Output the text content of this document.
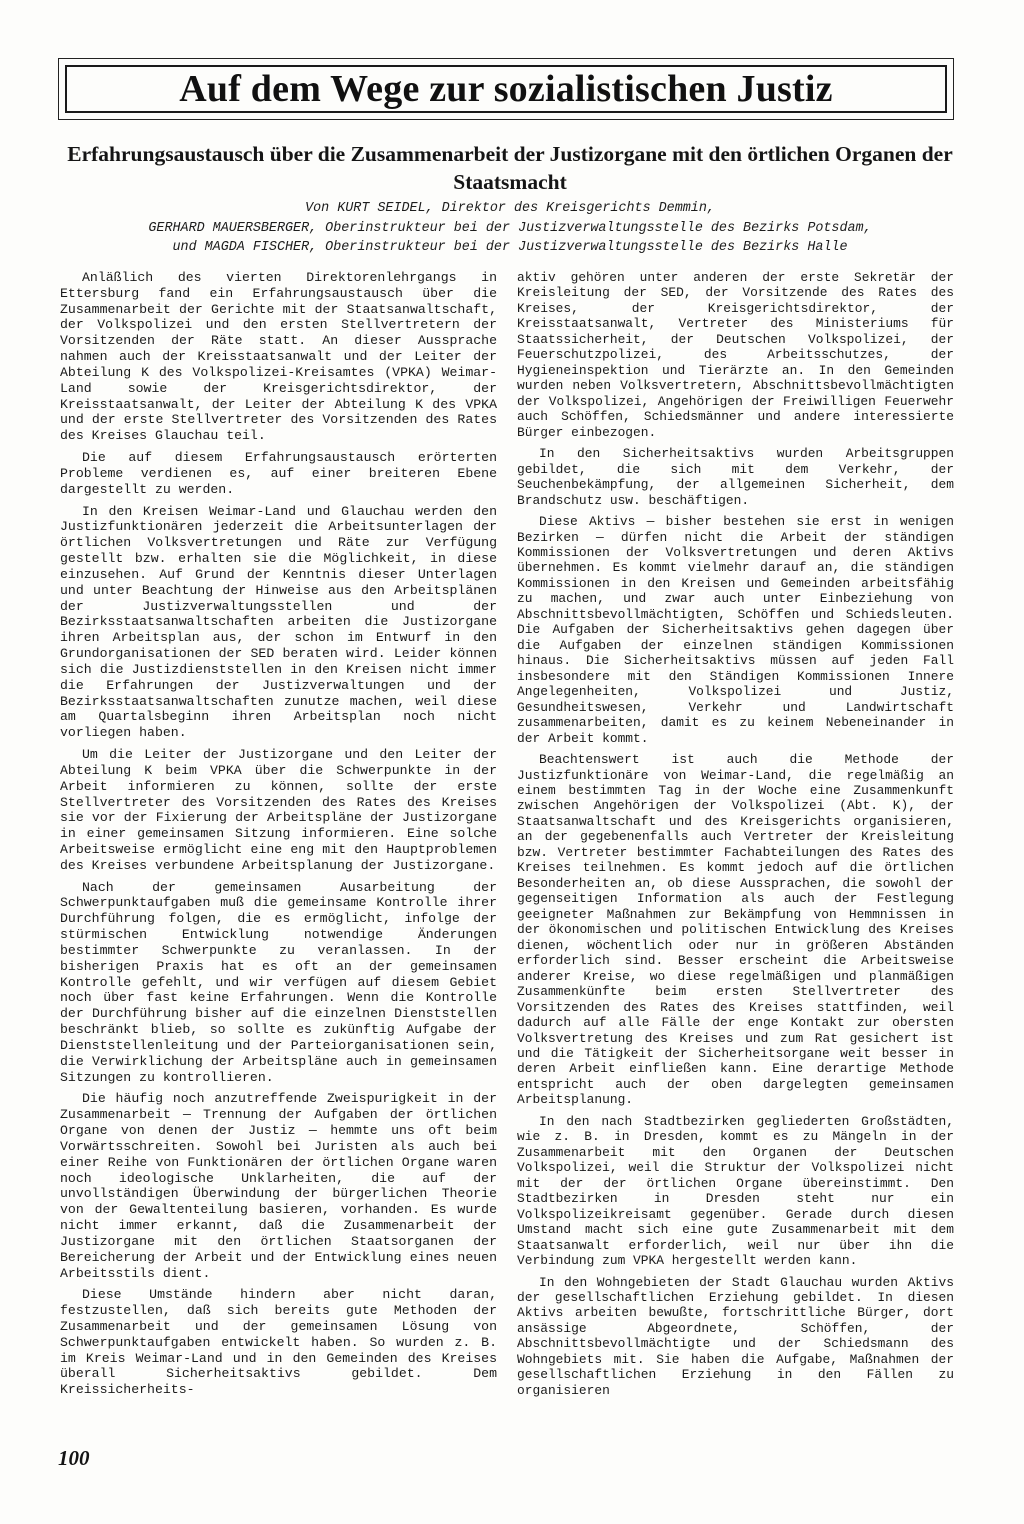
Auf dem Wege zur sozialistischen Justiz
Erfahrungsaustausch über die Zusammenarbeit der Justizorgane mit den örtlichen Organen der Staatsmacht
Von KURT SEIDEL, Direktor des Kreisgerichts Demmin,
GERHARD MAUERSBERGER, Oberinstrukteur bei der Justizverwaltungsstelle des Bezirks Potsdam,
und MAGDA FISCHER, Oberinstrukteur bei der Justizverwaltungsstelle des Bezirks Halle

Anläßlich des vierten Direktorenlehrgangs in Ettersburg fand ein Erfahrungsaustausch über die Zusammenarbeit der Gerichte mit der Staatsanwaltschaft, der Volkspolizei und den ersten Stellvertretern der Vorsitzenden der Räte statt. An dieser Aussprache nahmen auch der Kreisstaatsanwalt und der Leiter der Abteilung K des Volkspolizei-Kreisamtes (VPKA) Weimar-Land sowie der Kreisgerichtsdirektor, der Kreisstaatsanwalt, der Leiter der Abteilung K des VPKA und der erste Stellvertreter des Vorsitzenden des Rates des Kreises Glauchau teil.

Die auf diesem Erfahrungsaustausch erörterten Probleme verdienen es, auf einer breiteren Ebene dargestellt zu werden.

In den Kreisen Weimar-Land und Glauchau werden den Justizfunktionären jederzeit die Arbeitsunterlagen der örtlichen Volksvertretungen und Räte zur Verfügung gestellt bzw. erhalten sie die Möglichkeit, in diese einzusehen. Auf Grund der Kenntnis dieser Unterlagen und unter Beachtung der Hinweise aus den Arbeitsplänen der Justizverwaltungsstellen und der Bezirksstaatsanwaltschaften arbeiten die Justizorgane ihren Arbeitsplan aus, der schon im Entwurf in den Grundorganisationen der SED beraten wird. Leider können sich die Justizdienststellen in den Kreisen nicht immer die Erfahrungen der Justizverwaltungen und der Bezirksstaatsanwaltschaften zunutze machen, weil diese am Quartalsbeginn ihren Arbeitsplan noch nicht vorliegen haben.

Um die Leiter der Justizorgane und den Leiter der Abteilung K beim VPKA über die Schwerpunkte in der Arbeit informieren zu können, sollte der erste Stellvertreter des Vorsitzenden des Rates des Kreises sie vor der Fixierung der Arbeitspläne der Justizorgane in einer gemeinsamen Sitzung informieren. Eine solche Arbeitsweise ermöglicht eine eng mit den Hauptproblemen des Kreises verbundene Arbeitsplanung der Justizorgane.

Nach der gemeinsamen Ausarbeitung der Schwerpunktaufgaben muß die gemeinsame Kontrolle ihrer Durchführung folgen, die es ermöglicht, infolge der stürmischen Entwicklung notwendige Änderungen bestimmter Schwerpunkte zu veranlassen. In der bisherigen Praxis hat es oft an der gemeinsamen Kontrolle gefehlt, und wir verfügen auf diesem Gebiet noch über fast keine Erfahrungen. Wenn die Kontrolle der Durchführung bisher auf die einzelnen Dienststellen beschränkt blieb, so sollte es zukünftig Aufgabe der Dienststellenleitung und der Parteiorganisationen sein, die Verwirklichung der Arbeitspläne auch in gemeinsamen Sitzungen zu kontrollieren.

Die häufig noch anzutreffende Zweispurigkeit in der Zusammenarbeit — Trennung der Aufgaben der örtlichen Organe von denen der Justiz — hemmte uns oft beim Vorwärtsschreiten. Sowohl bei Juristen als auch bei einer Reihe von Funktionären der örtlichen Organe waren noch ideologische Unklarheiten, die auf der unvollständigen Überwindung der bürgerlichen Theorie von der Gewaltenteilung basieren, vorhanden. Es wurde nicht immer erkannt, daß die Zusammenarbeit der Justizorgane mit den örtlichen Staatsorganen der Bereicherung der Arbeit und der Entwicklung eines neuen Arbeitsstils dient.

Diese Umstände hindern aber nicht daran, festzustellen, daß sich bereits gute Methoden der Zusammenarbeit und der gemeinsamen Lösung von Schwerpunktaufgaben entwickelt haben. So wurden z. B. im Kreis Weimar-Land und in den Gemeinden des Kreises überall Sicherheitsaktivs gebildet. Dem Kreissicherheits-

aktiv gehören unter anderen der erste Sekretär der Kreisleitung der SED, der Vorsitzende des Rates des Kreises, der Kreisgerichtsdirektor, der Kreisstaatsanwalt, Vertreter des Ministeriums für Staatssicherheit, der Deutschen Volkspolizei, der Feuerschutzpolizei, des Arbeitsschutzes, der Hygieneinspektion und Tierärzte an. In den Gemeinden wurden neben Volksvertretern, Abschnittsbevollmächtigten der Volkspolizei, Angehörigen der Freiwilligen Feuerwehr auch Schöffen, Schiedsmänner und andere interessierte Bürger einbezogen.

In den Sicherheitsaktivs wurden Arbeitsgruppen gebildet, die sich mit dem Verkehr, der Seuchenbekämpfung, der allgemeinen Sicherheit, dem Brandschutz usw. beschäftigen.

Diese Aktivs — bisher bestehen sie erst in wenigen Bezirken — dürfen nicht die Arbeit der ständigen Kommissionen der Volksvertretungen und deren Aktivs übernehmen. Es kommt vielmehr darauf an, die ständigen Kommissionen in den Kreisen und Gemeinden arbeitsfähig zu machen, und zwar auch unter Einbeziehung von Abschnittsbevollmächtigten, Schöffen und Schiedsleuten. Die Aufgaben der Sicherheitsaktivs gehen dagegen über die Aufgaben der einzelnen ständigen Kommissionen hinaus. Die Sicherheitsaktivs müssen auf jeden Fall insbesondere mit den Ständigen Kommissionen Innere Angelegenheiten, Volkspolizei und Justiz, Gesundheitswesen, Verkehr und Landwirtschaft zusammenarbeiten, damit es zu keinem Nebeneinander in der Arbeit kommt.

Beachtenswert ist auch die Methode der Justizfunktionäre von Weimar-Land, die regelmäßig an einem bestimmten Tag in der Woche eine Zusammenkunft zwischen Angehörigen der Volkspolizei (Abt. K), der Staatsanwaltschaft und des Kreisgerichts organisieren, an der gegebenenfalls auch Vertreter der Kreisleitung bzw. Vertreter bestimmter Fachabteilungen des Rates des Kreises teilnehmen. Es kommt jedoch auf die örtlichen Besonderheiten an, ob diese Aussprachen, die sowohl der gegenseitigen Information als auch der Festlegung geeigneter Maßnahmen zur Bekämpfung von Hemmnissen in der ökonomischen und politischen Entwicklung des Kreises dienen, wöchentlich oder nur in größeren Abständen erforderlich sind. Besser erscheint die Arbeitsweise anderer Kreise, wo diese regelmäßigen und planmäßigen Zusammenkünfte beim ersten Stellvertreter des Vorsitzenden des Rates des Kreises stattfinden, weil dadurch auf alle Fälle der enge Kontakt zur obersten Volksvertretung des Kreises und zum Rat gesichert ist und die Tätigkeit der Sicherheitsorgane weit besser in deren Arbeit einfließen kann. Eine derartige Methode entspricht auch der oben dargelegten gemeinsamen Arbeitsplanung.

In den nach Stadtbezirken gegliederten Großstädten, wie z. B. in Dresden, kommt es zu Mängeln in der Zusammenarbeit mit den Organen der Deutschen Volkspolizei, weil die Struktur der Volkspolizei nicht mit der der örtlichen Organe übereinstimmt. Den Stadtbezirken in Dresden steht nur ein Volkspolizeikreisamt gegenüber. Gerade durch diesen Umstand macht sich eine gute Zusammenarbeit mit dem Staatsanwalt erforderlich, weil nur über ihn die Verbindung zum VPKA hergestellt werden kann.

In den Wohngebieten der Stadt Glauchau wurden Aktivs der gesellschaftlichen Erziehung gebildet. In diesen Aktivs arbeiten bewußte, fortschrittliche Bürger, dort ansässige Abgeordnete, Schöffen, der Abschnittsbevollmächtigte und der Schiedsmann des Wohngebiets mit. Sie haben die Aufgabe, Maßnahmen der gesellschaftlichen Erziehung in den Fällen zu organisieren

100
